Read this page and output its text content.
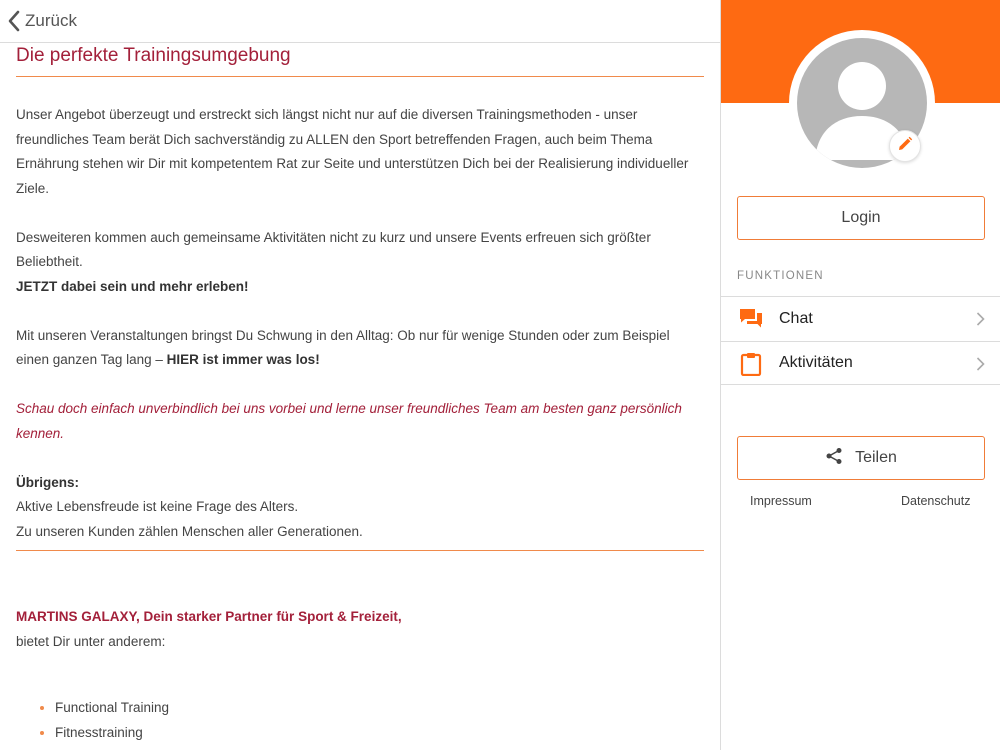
Zurück
Die perfekte Trainingsumgebung

Unser Angebot überzeugt und erstreckt sich längst nicht nur auf die diversen Trainingsmethoden - unser freundliches Team berät Dich sachverständig zu ALLEN den Sport betreffenden Fragen, auch beim Thema Ernährung stehen wir Dir mit kompetentem Rat zur Seite und unterstützen Dich bei der Realisierung individueller Ziele.

Desweiteren kommen auch gemeinsame Aktivitäten nicht zu kurz und unsere Events erfreuen sich größter Beliebtheit.

JETZT dabei sein und mehr erleben!

Mit unseren Veranstaltungen bringst Du Schwung in den Alltag: Ob nur für wenige Stunden oder zum Beispiel einen ganzen Tag lang – HIER ist immer was los!

Schau doch einfach unverbindlich bei uns vorbei und lerne unser freundliches Team am besten ganz persönlich kennen.

Übrigens:

Aktive Lebensfreude ist keine Frage des Alters.

Zu unseren Kunden zählen Menschen aller Generationen.

MARTINS GALAXY, Dein starker Partner für Sport & Freizeit,

bietet Dir unter anderem:

Functional Training
Fitnesstraining
Login
FUNKTIONEN
Chat
Aktivitäten
Teilen
Impressum	Datenschutz
